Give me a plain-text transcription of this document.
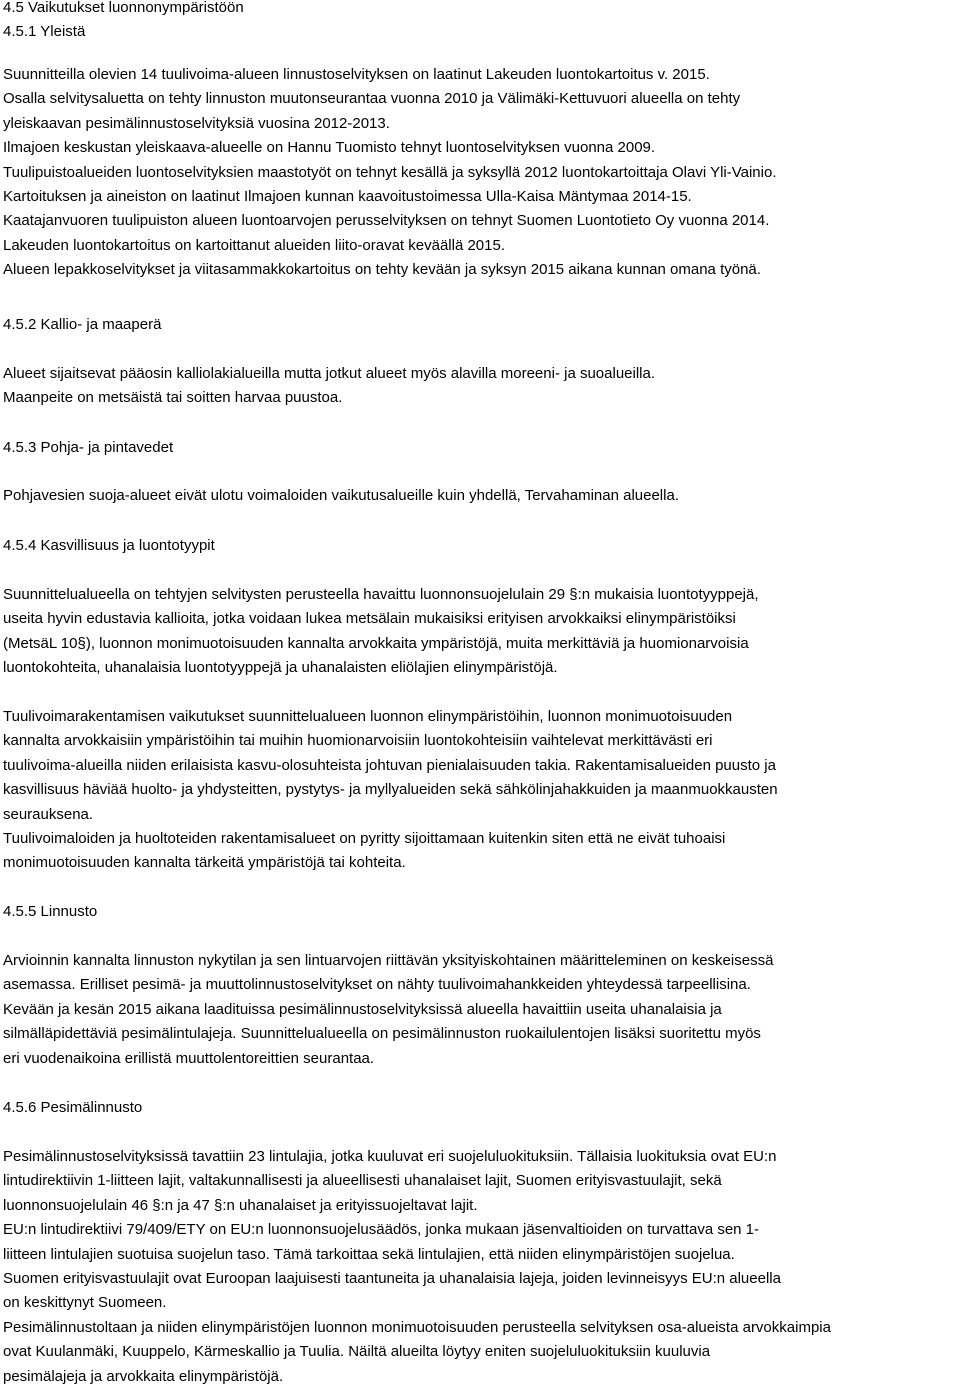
4.5 Vaikutukset luonnonympäristöön
4.5.1 Yleistä
Suunnitteilla olevien 14 tuulivoima-alueen linnustoselvityksen on laatinut Lakeuden luontokartoitus v. 2015.
Osalla selvitysaluetta on tehty linnuston muutonseurantaa vuonna 2010 ja Välimäki-Kettuvuori alueella on tehty
yleiskaavan pesimälinnustoselvityksiä vuosina 2012-2013.
Ilmajoen keskustan yleiskaava-alueelle on Hannu Tuomisto tehnyt luontoselvityksen vuonna 2009.
Tuulipuistoalueiden luontoselvityksien maastotyöt on tehnyt kesällä ja syksyllä 2012 luontokartoittaja Olavi Yli-Vainio.
Kartoituksen ja aineiston on laatinut Ilmajoen kunnan kaavoitustoimessa Ulla-Kaisa Mäntymaa 2014-15.
Kaatajanvuoren tuulipuiston alueen luontoarvojen perusselvityksen on tehnyt Suomen Luontotieto Oy vuonna 2014.
Lakeuden luontokartoitus on kartoittanut alueiden liito-oravat keväällä 2015.
Alueen lepakkoselvitykset ja viitasammakkokartoitus on tehty kevään ja syksyn 2015 aikana kunnan omana työnä.
4.5.2 Kallio- ja maaperä
Alueet sijaitsevat pääosin kalliolakialueilla mutta jotkut alueet myös alavilla moreeni- ja suoalueilla.
Maanpeite on metsäistä tai soitten harvaa puustoa.
4.5.3 Pohja- ja pintavedet
Pohjavesien suoja-alueet eivät ulotu voimaloiden vaikutusalueille kuin yhdellä, Tervahaminan alueella.
4.5.4 Kasvillisuus ja luontotyypit
Suunnittelualueella on tehtyjen selvitysten perusteella havaittu luonnonsuojelulain 29 §:n mukaisia luontotyyppejä,
useita hyvin edustavia kallioita, jotka voidaan lukea metsälain mukaisiksi erityisen arvokkaiksi elinympäristöiksi
(MetsäL 10§), luonnon monimuotoisuuden kannalta arvokkaita ympäristöjä, muita merkittäviä ja huomionarvoisia
luontokohteita, uhanalaisia luontotyyppejä ja uhanalaisten eliölajien elinympäristöjä.
Tuulivoimarakentamisen vaikutukset suunnittelualueen luonnon elinympäristöihin, luonnon monimuotoisuuden
kannalta arvokkaisiin ympäristöihin tai muihin huomionarvoisiin luontokohteisiin vaihtelevat merkittävästi eri
tuulivoima-alueilla niiden erilaisista kasvu-olosuhteista johtuvan pienialaisuuden takia. Rakentamisalueiden puusto ja
kasvillisuus häviää huolto- ja yhdysteitten, pystytys- ja myllyalueiden sekä sähkölinjahakkuiden ja maanmuokkausten
seurauksena.
Tuulivoimaloiden ja huoltoteiden rakentamisalueet on pyritty sijoittamaan kuitenkin siten että ne eivät tuhoaisi
monimuotoisuuden kannalta tärkeitä ympäristöjä tai kohteita.
4.5.5 Linnusto
Arvioinnin kannalta linnuston nykytilan ja sen lintuarvojen riittävän yksityiskohtainen määritteleminen on keskeisessä
asemassa. Erilliset pesimä- ja muuttolinnustoselvitykset on nähty tuulivoimahankkeiden yhteydessä tarpeellisina.
Kevään ja kesän 2015 aikana laadituissa pesimälinnustoselvityksissä alueella havaittiin useita uhanalaisia ja
silmälläpidettäviä pesimälintulajeja. Suunnittelualueella on pesimälinnuston ruokailulentojen lisäksi suoritettu myös
eri vuodenaikoina erillistä muuttolentoreittien seurantaa.
4.5.6 Pesimälinnusto
Pesimälinnustoselvityksissä tavattiin 23 lintulajia, jotka kuuluvat eri suojeluluokituksiin. Tällaisia luokituksia ovat EU:n
lintudirektiivin 1-liitteen lajit, valtakunnallisesti ja alueellisesti uhanalaiset lajit, Suomen erityisvastuulajit, sekä
luonnonsuojelulain 46 §:n ja 47 §:n uhanalaiset ja erityissuojeltavat lajit.
EU:n lintudirektiivi 79/409/ETY on EU:n luonnonsuojelusäädös, jonka mukaan jäsenvaltioiden on turvattava sen 1-
liitteen lintulajien suotuisa suojelun taso. Tämä tarkoittaa sekä lintulajien, että niiden elinympäristöjen suojelua.
Suomen erityisvastuulajit ovat Euroopan laajuisesti taantuneita ja uhanalaisia lajeja, joiden levinneisyys EU:n alueella
on keskittynyt Suomeen.
Pesimälinnustoltaan ja niiden elinympäristöjen luonnon monimuotoisuuden perusteella selvityksen osa-alueista arvokkaimpia
ovat Kuulanmäki, Kuuppelo, Kärmeskallio ja Tuulia. Näiltä alueilta löytyy eniten suojeluluokituksiin kuuluvia
pesimälajeja ja arvokkaita elinympäristöjä.
